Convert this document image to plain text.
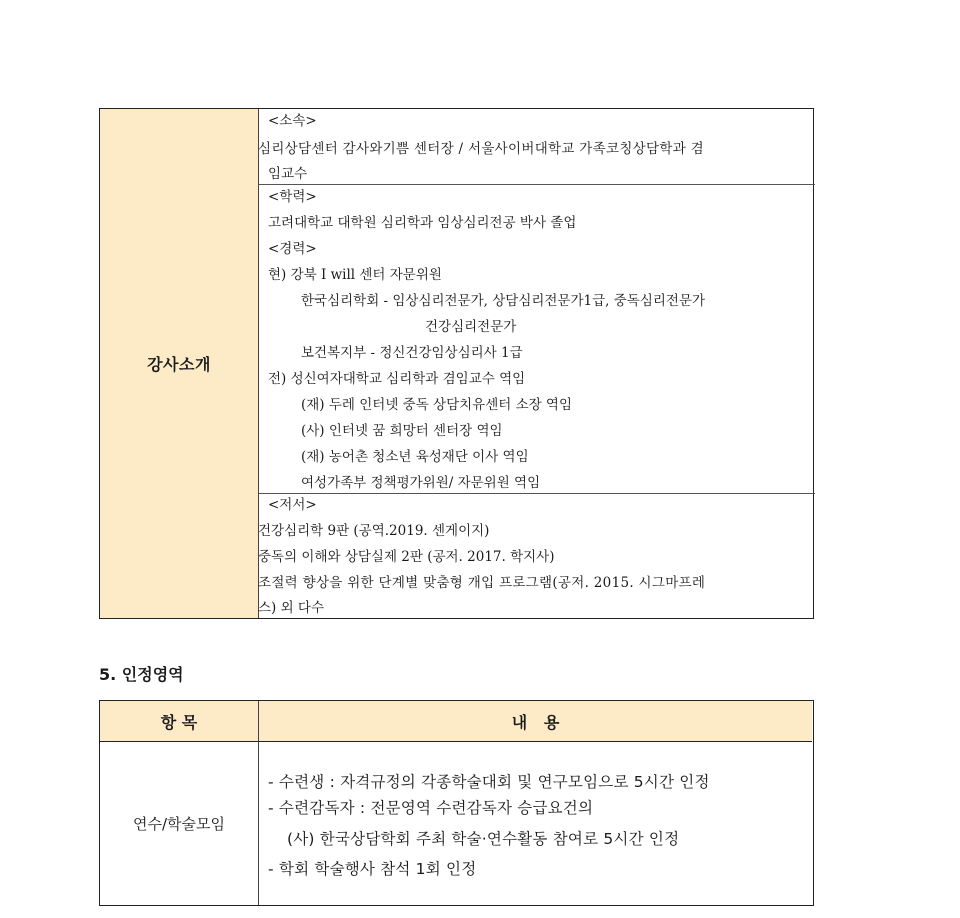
강사소개
<소속>
심리상담센터 감사와기쁨 센터장 / 서울사이버대학교 가족코칭상담학과 겸
임교수
<학력>
고려대학교 대학원 심리학과 임상심리전공 박사 졸업
<경력>
현) 강북 I will 센터 자문위원
한국심리학회 - 임상심리전문가, 상담심리전문가1급, 중독심리전문가
건강심리전문가
보건복지부 - 정신건강임상심리사 1급
전) 성신여자대학교 심리학과 겸임교수 역임
(재) 두레 인터넷 중독 상담치유센터 소장 역임
(사) 인터넷 꿈 희망터 센터장 역임
(재) 농어촌 청소년 육성재단 이사 역임
여성가족부 정책평가위원/ 자문위원 역임
<저서>
건강심리학 9판 (공역.2019. 센게이지)
중독의 이해와 상담실제 2판 (공저. 2017. 학지사)
조절력 향상을 위한 단계별 맞춤형 개입 프로그램(공저. 2015. 시그마프레
스) 외 다수
5. 인정영역
항 목	내   용
연수/학술모임
- 수련생 : 자격규정의 각종학술대회 및 연구모임으로 5시간 인정
- 수련감독자 : 전문영역 수련감독자 승급요건의
(사) 한국상담학회 주최 학술·연수활동 참여로 5시간 인정
- 학회 학술행사 참석 1회 인정
